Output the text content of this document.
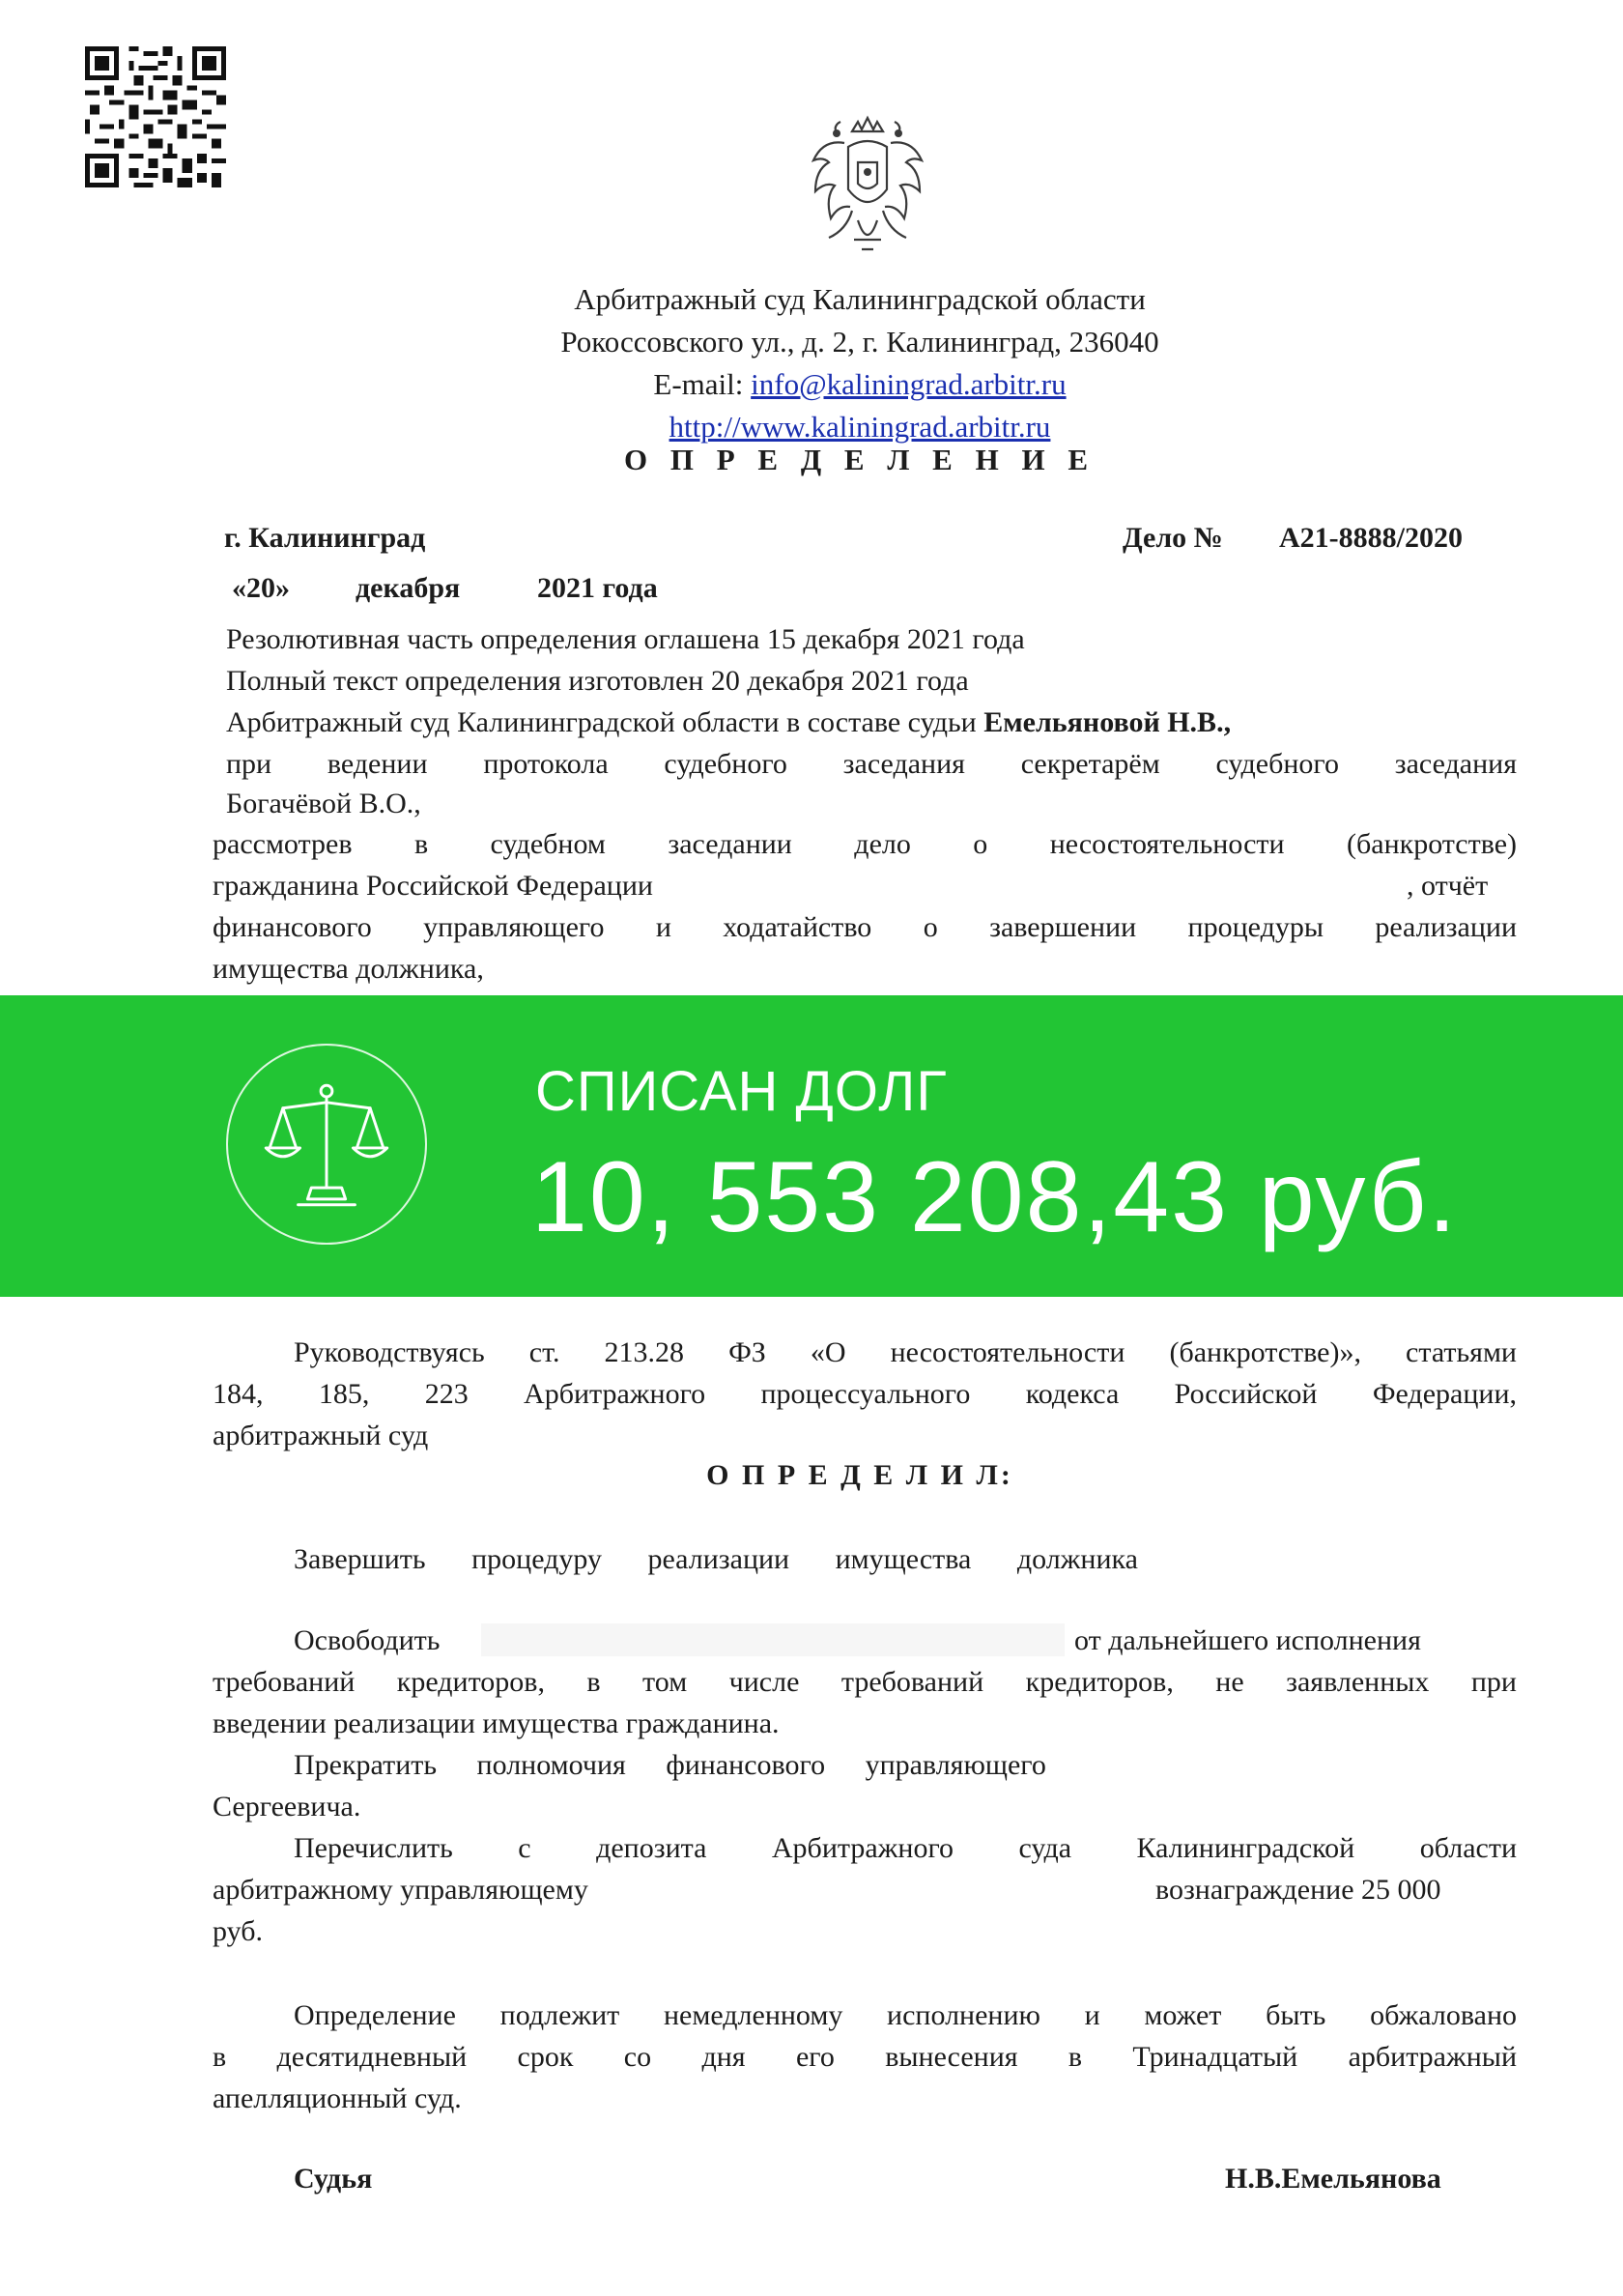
Арбитражный суд Калининградской области
Рокоссовского ул., д. 2, г. Калининград, 236040
E-mail: info@kaliningrad.arbitr.ru
http://www.kaliningrad.arbitr.ru
О П Р Е Д Е Л Е Н И Е
г. Калининград	Дело № А21-8888/2020
«20» декабря	2021 года
Резолютивная часть определения оглашена 15 декабря 2021 года
Полный текст определения изготовлен 20 декабря 2021 года
Арбитражный суд Калининградской области в составе судьи Емельяновой Н.В.,
при ведении протокола судебного заседания секретарём судебного заседания
Богачёвой В.О.,
рассмотрев в судебном заседании дело о несостоятельности (банкротстве)
гражданина Российской Федерации	, отчёт
финансового управляющего и ходатайство о завершении процедуры реализации
имущества должника,
СПИСАН ДОЛГ
10, 553 208,43 руб.
Руководствуясь ст. 213.28 ФЗ «О несостоятельности (банкротстве)», статьями
184, 185, 223 Арбитражного процессуального кодекса Российской Федерации,
арбитражный суд
О П Р Е Д Е Л И Л:
Завершить процедуру реализации имущества должника
Освободить	от дальнейшего исполнения
требований кредиторов, в том числе требований кредиторов, не заявленных при
введении реализации имущества гражданина.
Прекратить полномочия финансового управляющего
Сергеевича.
Перечислить с депозита Арбитражного суда Калининградской области
арбитражному управляющему	вознаграждение 25 000
руб.
Определение подлежит немедленному исполнению и может быть обжаловано
в десятидневный срок со дня его вынесения в Тринадцатый арбитражный
апелляционный суд.
Судья	Н.В.Емельянова
